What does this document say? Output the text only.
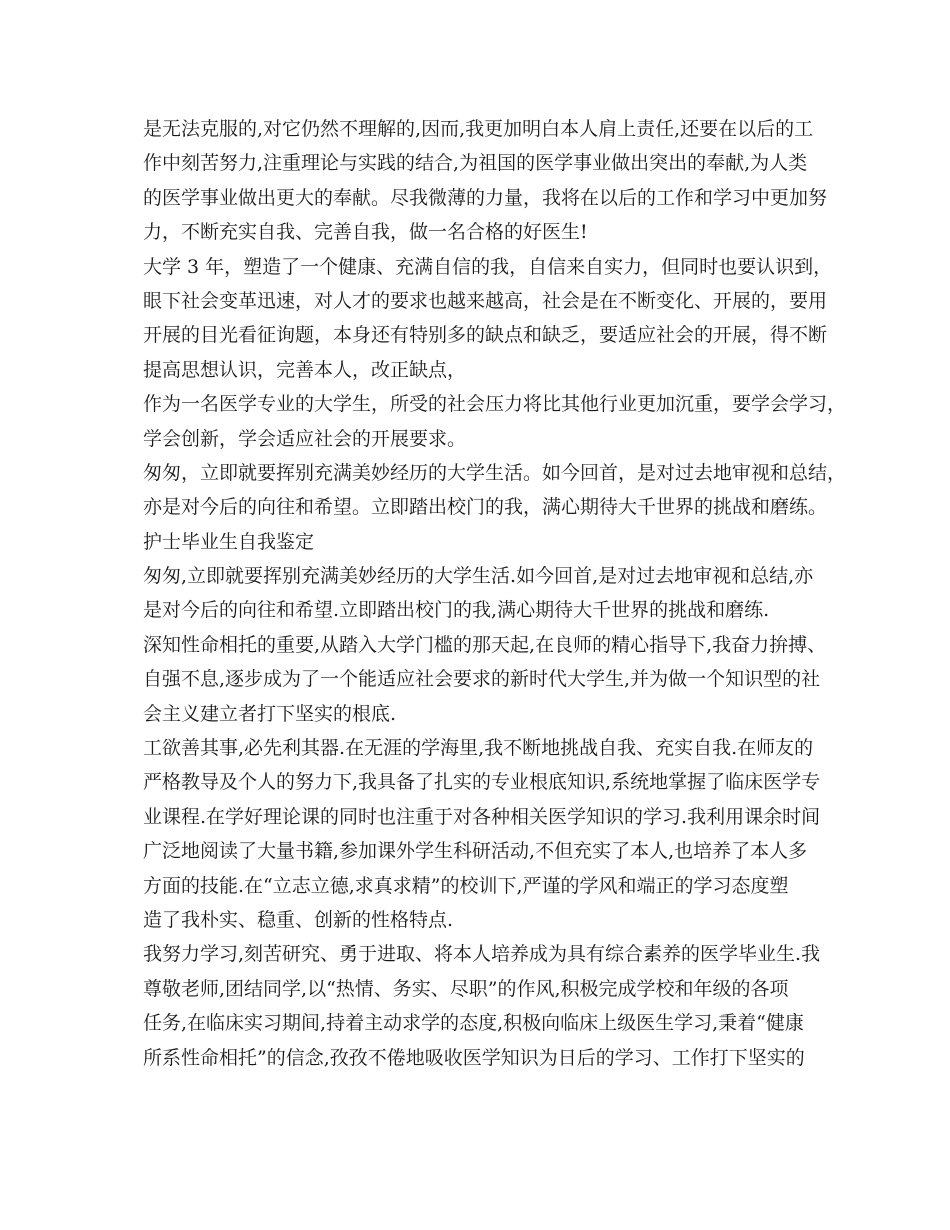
是无法克服的,对它仍然不理解的,因而,我更加明白本人肩上责任,还要在以后的工
作中刻苦努力,注重理论与实践的结合,为祖国的医学事业做出突出的奉献,为人类
的医学事业做出更大的奉献。尽我微薄的力量，我将在以后的工作和学习中更加努
力，不断充实自我、完善自我，做一名合格的好医生!
大学 3 年，塑造了一个健康、充满自信的我，自信来自实力，但同时也要认识到，
眼下社会变革迅速，对人才的要求也越来越高，社会是在不断变化、开展的，要用
开展的目光看征询题，本身还有特别多的缺点和缺乏，要适应社会的开展，得不断
提高思想认识，完善本人，改正缺点，
作为一名医学专业的大学生，所受的社会压力将比其他行业更加沉重，要学会学习，
学会创新，学会适应社会的开展要求。
匆匆，立即就要挥别充满美妙经历的大学生活。如今回首，是对过去地审视和总结，
亦是对今后的向往和希望。立即踏出校门的我，满心期待大千世界的挑战和磨练。
护士毕业生自我鉴定
匆匆,立即就要挥别充满美妙经历的大学生活.如今回首,是对过去地审视和总结,亦
是对今后的向往和希望.立即踏出校门的我,满心期待大千世界的挑战和磨练.
深知性命相托的重要,从踏入大学门槛的那天起,在良师的精心指导下,我奋力拚搏、
自强不息,逐步成为了一个能适应社会要求的新时代大学生,并为做一个知识型的社
会主义建立者打下坚实的根底.
工欲善其事,必先利其器.在无涯的学海里,我不断地挑战自我、充实自我.在师友的
严格教导及个人的努力下,我具备了扎实的专业根底知识,系统地掌握了临床医学专
业课程.在学好理论课的同时也注重于对各种相关医学知识的学习.我利用课余时间
广泛地阅读了大量书籍,参加课外学生科研活动,不但充实了本人,也培养了本人多
方面的技能.在“立志立德,求真求精”的校训下,严谨的学风和端正的学习态度塑
造了我朴实、稳重、创新的性格特点.
我努力学习,刻苦研究、勇于进取、将本人培养成为具有综合素养的医学毕业生.我
尊敬老师,团结同学,以“热情、务实、尽职”的作风,积极完成学校和年级的各项
任务,在临床实习期间,持着主动求学的态度,积极向临床上级医生学习,秉着“健康
所系性命相托”的信念,孜孜不倦地吸收医学知识为日后的学习、工作打下坚实的
